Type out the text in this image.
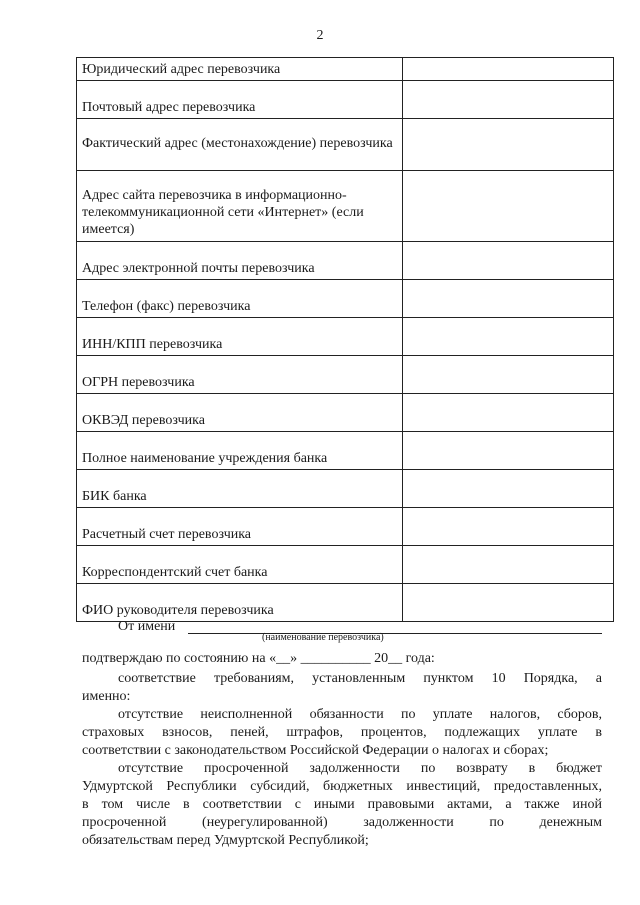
2
Юридический адрес перевозчика	
Почтовый адрес перевозчика	
Фактический адрес (местонахождение) перевозчика	
Адрес сайта перевозчика в информационно-телекоммуникационной сети «Интернет» (если имеется)	
Адрес электронной почты перевозчика	
Телефон (факс) перевозчика	
ИНН/КПП перевозчика	
ОГРН перевозчика	
ОКВЭД перевозчика	
Полное наименование учреждения банка	
БИК банка	
Расчетный счет перевозчика	
Корреспондентский счет банка	
ФИО руководителя перевозчика	
От имени
(наименование перевозчика)
подтверждаю по состоянию на «__» __________ 20__ года:
соответствие требованиям, установленным пунктом 10 Порядка, а
именно:
отсутствие неисполненной обязанности по уплате налогов, сборов,
страховых взносов, пеней, штрафов, процентов, подлежащих уплате в
соответствии с законодательством Российской Федерации о налогах и сборах;
отсутствие просроченной задолженности по возврату в бюджет
Удмуртской Республики субсидий, бюджетных инвестиций, предоставленных,
в том числе в соответствии с иными правовыми актами, а также иной
просроченной (неурегулированной) задолженности по денежным
обязательствам перед Удмуртской Республикой;
